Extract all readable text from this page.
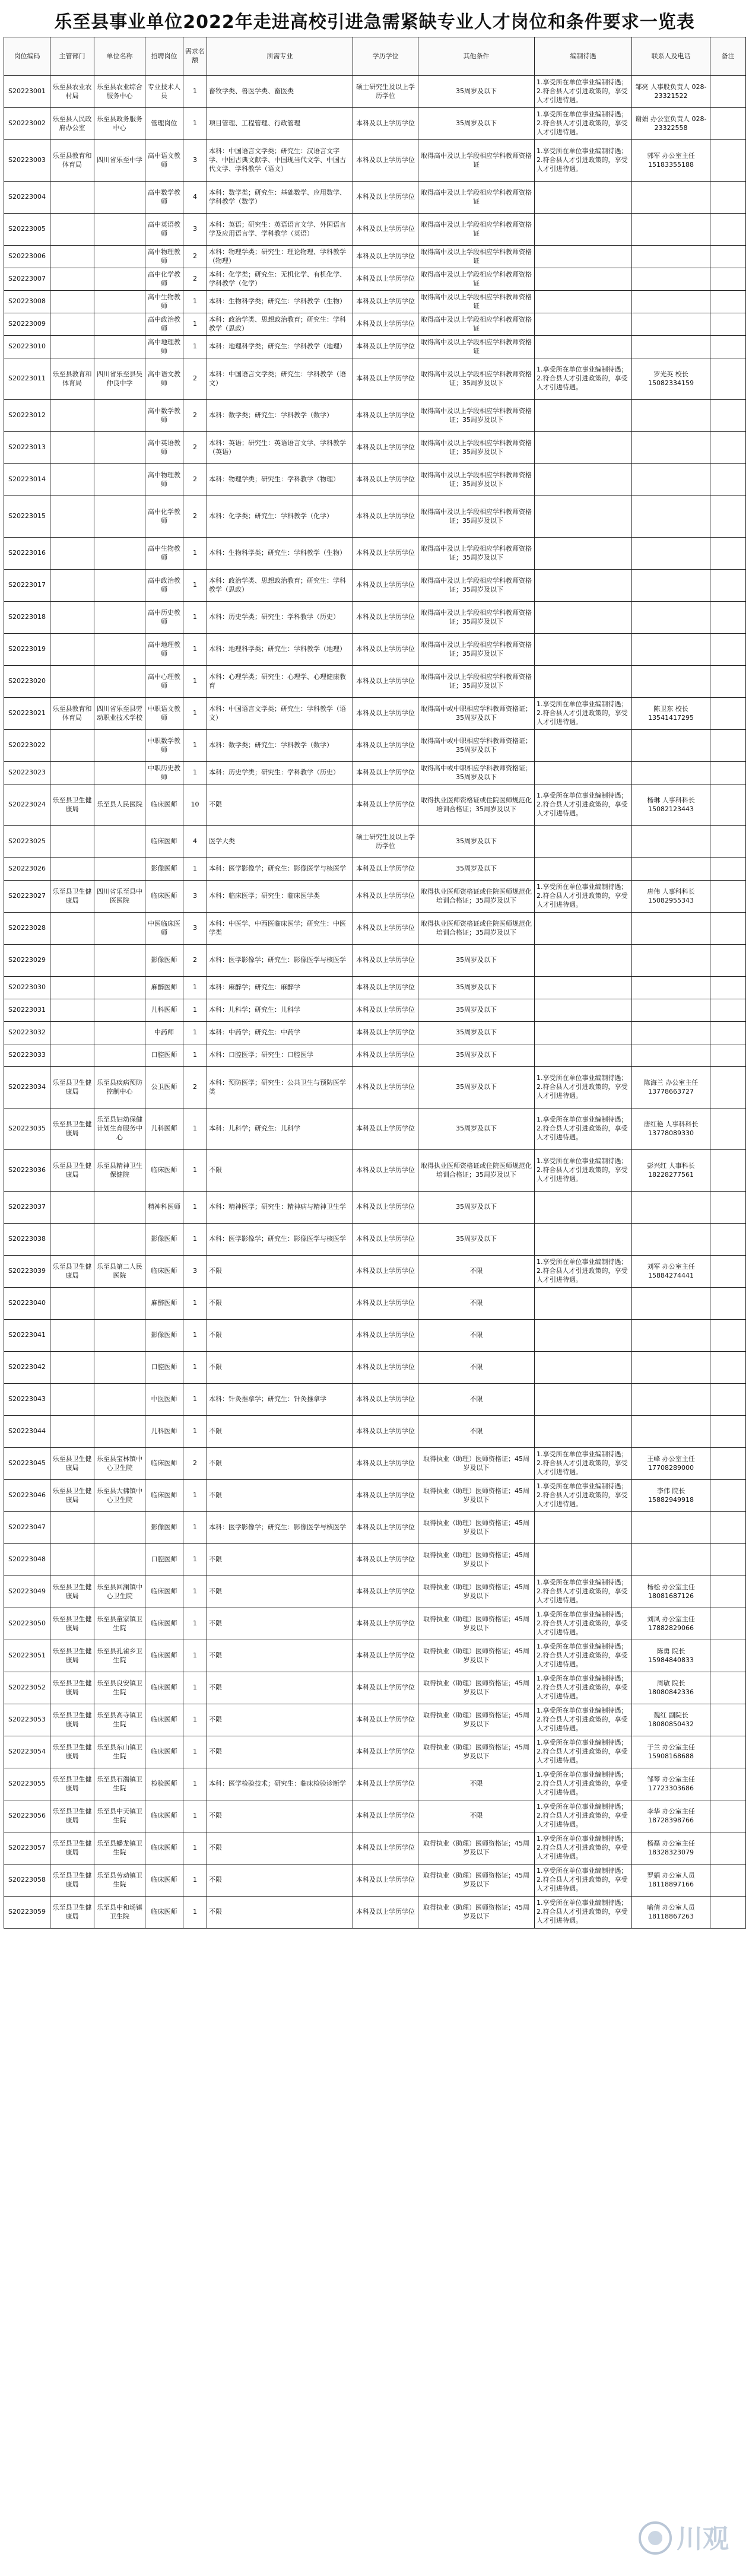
乐至县事业单位2022年走进高校引进急需紧缺专业人才岗位和条件要求一览表
岗位编码	主管部门	单位名称	招聘岗位	需求名额	所需专业	学历学位	其他条件	编制待遇	联系人及电话	备注
S20223001	乐至县农业农村局	乐至县农业综合服务中心	专业技术人员	1	畜牧学类、兽医学类、畜医类	硕士研究生及以上学历学位	35周岁及以下	1.享受所在单位事业编制待遇；2.符合县人才引进政策的，享受人才引进待遇。	邹亮 人事股负责人 028-23321522	
S20223002	乐至县人民政府办公室	乐至县政务服务中心	管理岗位	1	项目管理、工程管理、行政管理	本科及以上学历学位	35周岁及以下	1.享受所在单位事业编制待遇；2.符合县人才引进政策的，享受人才引进待遇。	谢娟 办公室负责人 028-23322558	
S20223003	乐至县教育和体育局	四川省乐至中学	高中语文教师	3	本科：中国语言文学类；研究生：汉语言文字学、中国古典文献学、中国现当代文学、中国古代文学、学科教学（语文）	本科及以上学历学位	取得高中及以上学段相应学科教师资格证	1.享受所在单位事业编制待遇；2.符合县人才引进政策的，享受人才引进待遇。	郭军 办公室主任 15183355188	
S20223004			高中数学教师	4	本科：数学类；研究生：基础数学、应用数学、学科教学（数学）	本科及以上学历学位	取得高中及以上学段相应学科教师资格证			
S20223005			高中英语教师	3	本科：英语；研究生：英语语言文学、外国语言学及应用语言学、学科教学（英语）	本科及以上学历学位	取得高中及以上学段相应学科教师资格证			
S20223006			高中物理教师	2	本科：物理学类；研究生：理论物理、学科教学（物理）	本科及以上学历学位	取得高中及以上学段相应学科教师资格证			
S20223007			高中化学教师	2	本科：化学类；研究生：无机化学、有机化学、学科教学（化学）	本科及以上学历学位	取得高中及以上学段相应学科教师资格证			
S20223008			高中生物教师	1	本科：生物科学类；研究生：学科教学（生物）	本科及以上学历学位	取得高中及以上学段相应学科教师资格证			
S20223009			高中政治教师	1	本科：政治学类、思想政治教育；研究生：学科教学（思政）	本科及以上学历学位	取得高中及以上学段相应学科教师资格证			
S20223010			高中地理教师	1	本科：地理科学类；研究生：学科教学（地理）	本科及以上学历学位	取得高中及以上学段相应学科教师资格证			
S20223011	乐至县教育和体育局	四川省乐至县吴仲良中学	高中语文教师	2	本科：中国语言文学类；研究生：学科教学（语文）	本科及以上学历学位	取得高中及以上学段相应学科教师资格证；35周岁及以下	1.享受所在单位事业编制待遇；2.符合县人才引进政策的，享受人才引进待遇。	罗光英 校长 15082334159	
S20223012			高中数学教师	2	本科：数学类；研究生：学科教学（数学）	本科及以上学历学位	取得高中及以上学段相应学科教师资格证；35周岁及以下			
S20223013			高中英语教师	2	本科：英语；研究生：英语语言文学、学科教学（英语）	本科及以上学历学位	取得高中及以上学段相应学科教师资格证；35周岁及以下			
S20223014			高中物理教师	2	本科：物理学类；研究生：学科教学（物理）	本科及以上学历学位	取得高中及以上学段相应学科教师资格证；35周岁及以下			
S20223015			高中化学教师	2	本科：化学类；研究生：学科教学（化学）	本科及以上学历学位	取得高中及以上学段相应学科教师资格证；35周岁及以下			
S20223016			高中生物教师	1	本科：生物科学类；研究生：学科教学（生物）	本科及以上学历学位	取得高中及以上学段相应学科教师资格证；35周岁及以下			
S20223017			高中政治教师	1	本科：政治学类、思想政治教育；研究生：学科教学（思政）	本科及以上学历学位	取得高中及以上学段相应学科教师资格证；35周岁及以下			
S20223018			高中历史教师	1	本科：历史学类；研究生：学科教学（历史）	本科及以上学历学位	取得高中及以上学段相应学科教师资格证；35周岁及以下			
S20223019			高中地理教师	1	本科：地理科学类；研究生：学科教学（地理）	本科及以上学历学位	取得高中及以上学段相应学科教师资格证；35周岁及以下			
S20223020			高中心理教师	1	本科：心理学类；研究生：心理学、心理健康教育	本科及以上学历学位	取得高中及以上学段相应学科教师资格证；35周岁及以下			
S20223021	乐至县教育和体育局	四川省乐至县劳动职业技术学校	中职语文教师	1	本科：中国语言文学类；研究生：学科教学（语文）	本科及以上学历学位	取得高中或中职相应学科教师资格证；35周岁及以下	1.享受所在单位事业编制待遇；2.符合县人才引进政策的，享受人才引进待遇。	陈卫东 校长 13541417295	
S20223022			中职数学教师	1	本科：数学类；研究生：学科教学（数学）	本科及以上学历学位	取得高中或中职相应学科教师资格证；35周岁及以下			
S20223023			中职历史教师	1	本科：历史学类；研究生：学科教学（历史）	本科及以上学历学位	取得高中或中职相应学科教师资格证；35周岁及以下			
S20223024	乐至县卫生健康局	乐至县人民医院	临床医师	10	不限	本科及以上学历学位	取得执业医师资格证或住院医师规范化培训合格证；35周岁及以下	1.享受所在单位事业编制待遇；2.符合县人才引进政策的，享受人才引进待遇。	杨琳 人事科科长 15082123443	
S20223025			临床医师	4	医学大类	硕士研究生及以上学历学位	35周岁及以下			
S20223026			影像医师	1	本科：医学影像学；研究生：影像医学与核医学	本科及以上学历学位	35周岁及以下			
S20223027	乐至县卫生健康局	四川省乐至县中医医院	临床医师	3	本科：临床医学；研究生：临床医学类	本科及以上学历学位	取得执业医师资格证或住院医师规范化培训合格证；35周岁及以下	1.享受所在单位事业编制待遇；2.符合县人才引进政策的，享受人才引进待遇。	唐伟 人事科科长 15082955343	
S20223028			中医临床医师	3	本科：中医学、中西医临床医学；研究生：中医学类	本科及以上学历学位	取得执业医师资格证或住院医师规范化培训合格证；35周岁及以下			
S20223029			影像医师	2	本科：医学影像学；研究生：影像医学与核医学	本科及以上学历学位	35周岁及以下			
S20223030			麻醉医师	1	本科：麻醉学；研究生：麻醉学	本科及以上学历学位	35周岁及以下			
S20223031			儿科医师	1	本科：儿科学；研究生：儿科学	本科及以上学历学位	35周岁及以下			
S20223032			中药师	1	本科：中药学；研究生：中药学	本科及以上学历学位	35周岁及以下			
S20223033			口腔医师	1	本科：口腔医学；研究生：口腔医学	本科及以上学历学位	35周岁及以下			
S20223034	乐至县卫生健康局	乐至县疾病预防控制中心	公卫医师	2	本科：预防医学；研究生：公共卫生与预防医学类	本科及以上学历学位	35周岁及以下	1.享受所在单位事业编制待遇；2.符合县人才引进政策的，享受人才引进待遇。	陈海兰 办公室主任 13778663727	
S20223035	乐至县卫生健康局	乐至县妇幼保健计划生育服务中心	儿科医师	1	本科：儿科学；研究生：儿科学	本科及以上学历学位	35周岁及以下	1.享受所在单位事业编制待遇；2.符合县人才引进政策的，享受人才引进待遇。	唐红艳 人事科科长 13778089330	
S20223036	乐至县卫生健康局	乐至县精神卫生保健院	临床医师	1	不限	本科及以上学历学位	取得执业医师资格证或住院医师规范化培训合格证；35周岁及以下	1.享受所在单位事业编制待遇；2.符合县人才引进政策的，享受人才引进待遇。	彭兴红 人事科长 18228277561	
S20223037			精神科医师	1	本科：精神医学；研究生：精神病与精神卫生学	本科及以上学历学位	35周岁及以下			
S20223038			影像医师	1	本科：医学影像学；研究生：影像医学与核医学	本科及以上学历学位	35周岁及以下			
S20223039	乐至县卫生健康局	乐至县第二人民医院	临床医师	3	不限	本科及以上学历学位	不限	1.享受所在单位事业编制待遇；2.符合县人才引进政策的，享受人才引进待遇。	刘军 办公室主任 15884274441	
S20223040			麻醉医师	1	不限	本科及以上学历学位	不限			
S20223041			影像医师	1	不限	本科及以上学历学位	不限			
S20223042			口腔医师	1	不限	本科及以上学历学位	不限			
S20223043			中医医师	1	本科：针灸推拿学；研究生：针灸推拿学	本科及以上学历学位	不限			
S20223044			儿科医师	1	不限	本科及以上学历学位	不限			
S20223045	乐至县卫生健康局	乐至县宝林镇中心卫生院	临床医师	2	不限	本科及以上学历学位	取得执业（助理）医师资格证；45周岁及以下	1.享受所在单位事业编制待遇；2.符合县人才引进政策的，享受人才引进待遇。	王峰 办公室主任 17708289000	
S20223046	乐至县卫生健康局	乐至县大佛镇中心卫生院	临床医师	1	不限	本科及以上学历学位	取得执业（助理）医师资格证；45周岁及以下	1.享受所在单位事业编制待遇；2.符合县人才引进政策的，享受人才引进待遇。	李伟 院长 15882949918	
S20223047			影像医师	1	本科：医学影像学；研究生：影像医学与核医学	本科及以上学历学位	取得执业（助理）医师资格证；45周岁及以下			
S20223048			口腔医师	1	不限	本科及以上学历学位	取得执业（助理）医师资格证；45周岁及以下			
S20223049	乐至县卫生健康局	乐至县回澜镇中心卫生院	临床医师	1	不限	本科及以上学历学位	取得执业（助理）医师资格证；45周岁及以下	1.享受所在单位事业编制待遇；2.符合县人才引进政策的，享受人才引进待遇。	杨松 办公室主任 18081687126	
S20223050	乐至县卫生健康局	乐至县童家镇卫生院	临床医师	1	不限	本科及以上学历学位	取得执业（助理）医师资格证；45周岁及以下	1.享受所在单位事业编制待遇；2.符合县人才引进政策的，享受人才引进待遇。	刘凤 办公室主任 17882829066	
S20223051	乐至县卫生健康局	乐至县孔雀乡卫生院	临床医师	1	不限	本科及以上学历学位	取得执业（助理）医师资格证；45周岁及以下	1.享受所在单位事业编制待遇；2.符合县人才引进政策的，享受人才引进待遇。	陈勇 院长 15984840833	
S20223052	乐至县卫生健康局	乐至县良安镇卫生院	临床医师	1	不限	本科及以上学历学位	取得执业（助理）医师资格证；45周岁及以下	1.享受所在单位事业编制待遇；2.符合县人才引进政策的，享受人才引进待遇。	周敏 院长 18080842336	
S20223053	乐至县卫生健康局	乐至县高寺镇卫生院	临床医师	1	不限	本科及以上学历学位	取得执业（助理）医师资格证；45周岁及以下	1.享受所在单位事业编制待遇；2.符合县人才引进政策的，享受人才引进待遇。	魏红 副院长 18080850432	
S20223054	乐至县卫生健康局	乐至县东山镇卫生院	临床医师	1	不限	本科及以上学历学位	取得执业（助理）医师资格证；45周岁及以下	1.享受所在单位事业编制待遇；2.符合县人才引进政策的，享受人才引进待遇。	于兰 办公室主任 15908168688	
S20223055	乐至县卫生健康局	乐至县石湍镇卫生院	检验医师	1	本科：医学检验技术；研究生：临床检验诊断学	本科及以上学历学位	不限	1.享受所在单位事业编制待遇；2.符合县人才引进政策的，享受人才引进待遇。	邹琴 办公室主任 17723303686	
S20223056	乐至县卫生健康局	乐至县中天镇卫生院	临床医师	1	不限	本科及以上学历学位	不限	1.享受所在单位事业编制待遇；2.符合县人才引进政策的，享受人才引进待遇。	李华 办公室主任 18728398766	
S20223057	乐至县卫生健康局	乐至县蟠龙镇卫生院	临床医师	1	不限	本科及以上学历学位	取得执业（助理）医师资格证；45周岁及以下	1.享受所在单位事业编制待遇；2.符合县人才引进政策的，享受人才引进待遇。	杨磊 办公室主任 18328323079	
S20223058	乐至县卫生健康局	乐至县劳动镇卫生院	临床医师	1	不限	本科及以上学历学位	取得执业（助理）医师资格证；45周岁及以下	1.享受所在单位事业编制待遇；2.符合县人才引进政策的，享受人才引进待遇。	罗娟 办公室人员 18118897166	
S20223059	乐至县卫生健康局	乐至县中和场镇卫生院	临床医师	1	不限	本科及以上学历学位	取得执业（助理）医师资格证；45周岁及以下	1.享受所在单位事业编制待遇；2.符合县人才引进政策的，享受人才引进待遇。	喻倩 办公室人员 18118867263	
川观
